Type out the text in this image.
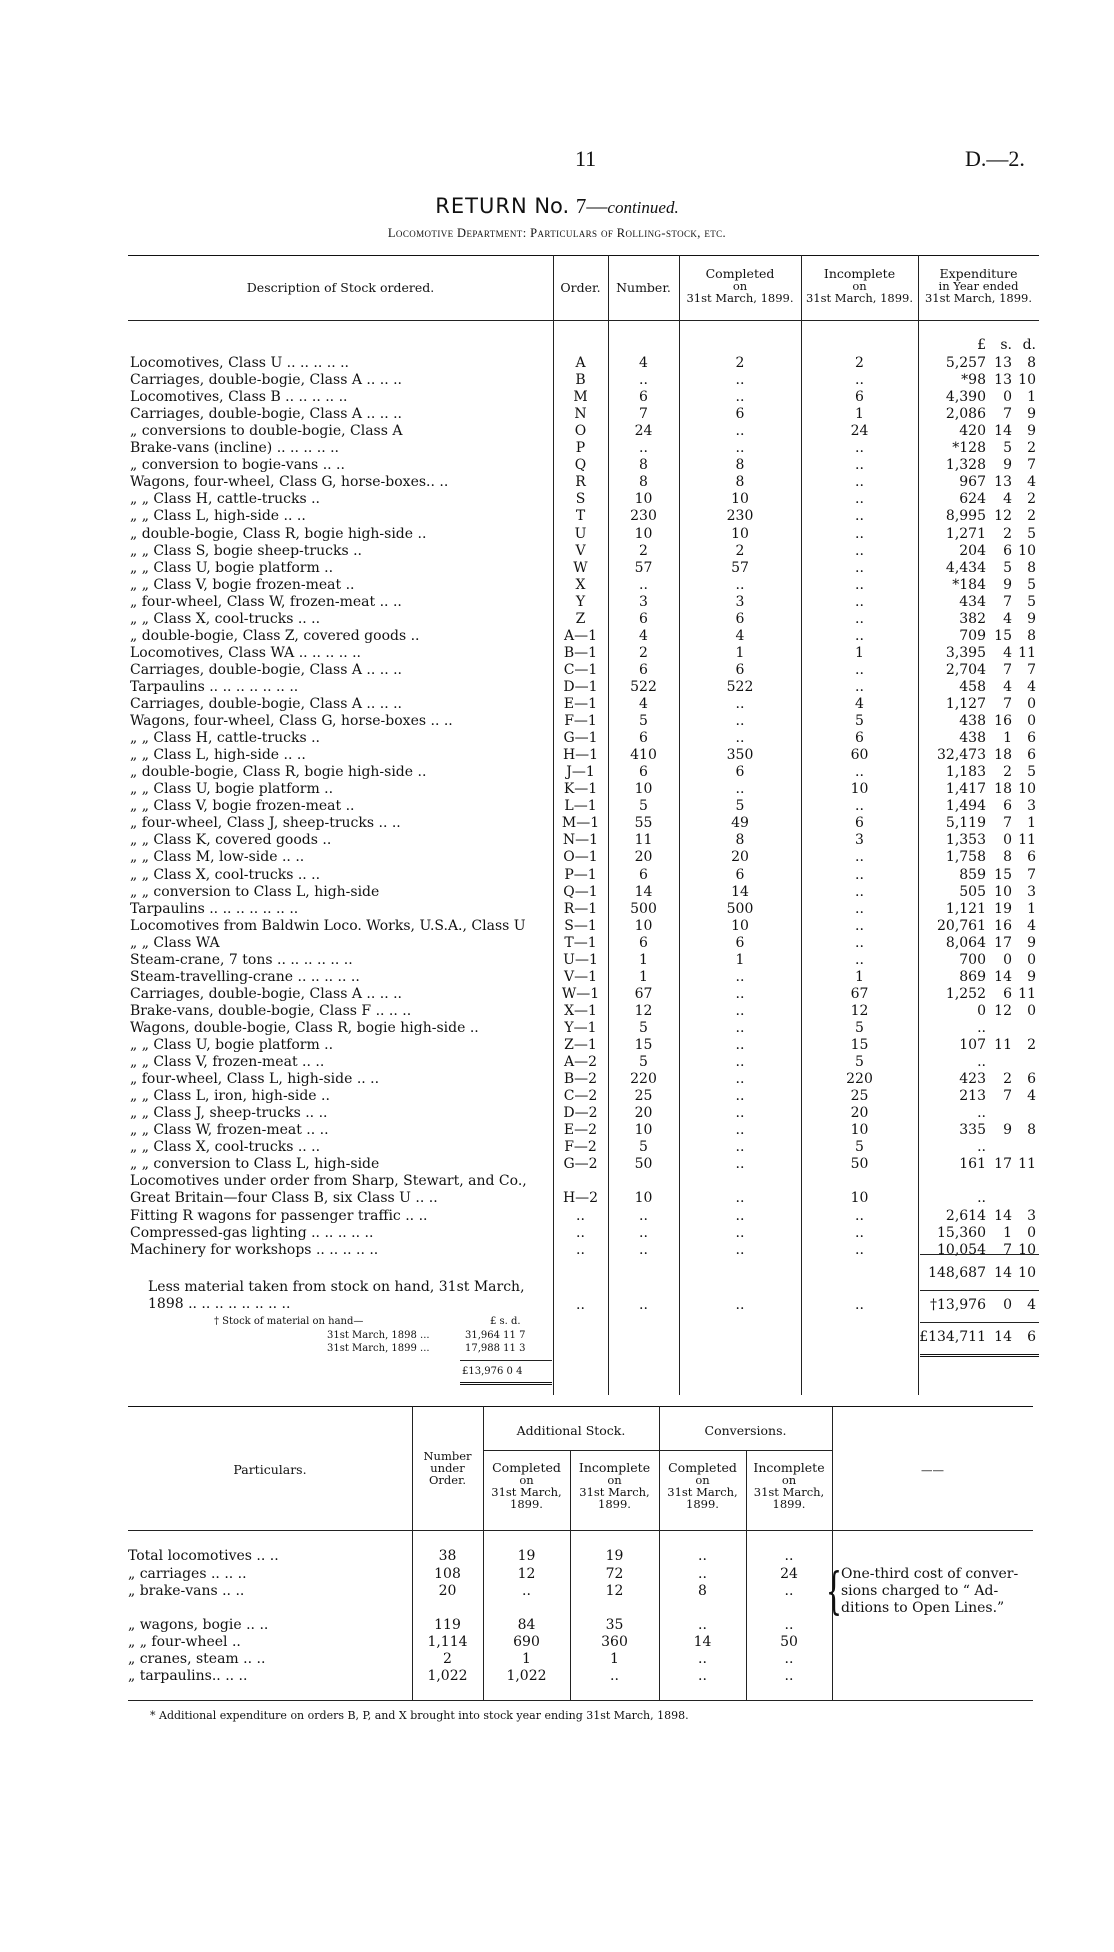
11	D.—2.
RETURN No. 7—continued.
Locomotive Department: Particulars of Rolling-stock, etc.
Description of Stock ordered.	Order.	Number.
Completed
on
31st March, 1899.
Incomplete
on
31st March, 1899.
Expenditure
in Year ended
31st March, 1899.
£	s. d.
Locomotives, Class U .. .. .. .. ..	A	4	2	2	5,257 13	8
Carriages, double-bogie, Class A .. .. ..	B	..	..	..	*98 13 10
Locomotives, Class B .. .. .. .. ..	M	6	..	6	4,390	0	1
Carriages, double-bogie, Class A .. .. ..	N	7	6	1	2,086	7	9
„ conversions to double-bogie, Class A	O	24	..	24	420 14	9
Brake-vans (incline) .. .. .. .. ..	P	..	..	..	*128	5	2
„ conversion to bogie-vans .. ..	Q	8	8	..	1,328	9	7
Wagons, four-wheel, Class G, horse-boxes.. ..	R	8	8	..	967 13	4
„ „ Class H, cattle-trucks ..	S	10	10	..	624	4	2
„ „ Class L, high-side .. ..	T	230	230	..	8,995 12	2
„ double-bogie, Class R, bogie high-side ..	U	10	10	..	1,271	2	5
„ „ Class S, bogie sheep-trucks ..	V	2	2	..	204	6 10
„ „ Class U, bogie platform ..	W	57	57	..	4,434	5	8
„ „ Class V, bogie frozen-meat ..	X	..	..	..	*184	9	5
„ four-wheel, Class W, frozen-meat .. ..	Y	3	3	..	434	7	5
„ „ Class X, cool-trucks .. ..	Z	6	6	..	382	4	9
„ double-bogie, Class Z, covered goods ..	A—1	4	4	..	709 15	8
Locomotives, Class WA .. .. .. .. ..	B—1	2	1	1	3,395	4 11
Carriages, double-bogie, Class A .. .. ..	C—1	6	6	..	2,704	7	7
Tarpaulins .. .. .. .. .. .. ..	D—1	522	522	..	458	4	4
Carriages, double-bogie, Class A .. .. ..	E—1	4	..	4	1,127	7	0
Wagons, four-wheel, Class G, horse-boxes .. ..	F—1	5	..	5	438 16	0
„ „ Class H, cattle-trucks ..	G—1	6	..	6	438	1	6
„ „ Class L, high-side .. ..	H—1	410	350	60	32,473 18	6
„ double-bogie, Class R, bogie high-side ..	J—1	6	6	..	1,183	2	5
„ „ Class U, bogie platform ..	K—1	10	..	10	1,417 18 10
„ „ Class V, bogie frozen-meat ..	L—1	5	5	..	1,494	6	3
„ four-wheel, Class J, sheep-trucks .. ..	M—1	55	49	6	5,119	7	1
„ „ Class K, covered goods ..	N—1	11	8	3	1,353	0 11
„ „ Class M, low-side .. ..	O—1	20	20	..	1,758	8	6
„ „ Class X, cool-trucks .. ..	P—1	6	6	..	859 15	7
„ „ conversion to Class L, high-side	Q—1	14	14	..	505 10	3
Tarpaulins .. .. .. .. .. .. ..	R—1	500	500	..	1,121 19	1
Locomotives from Baldwin Loco. Works, U.S.A., Class U	S—1	10	10	..	20,761 16	4
„ „ Class WA	T—1	6	6	..	8,064 17	9
Steam-crane, 7 tons .. .. .. .. .. ..	U—1	1	1	..	700	0	0
Steam-travelling-crane .. .. .. .. ..	V—1	1	..	1	869 14	9
Carriages, double-bogie, Class A .. .. ..	W—1	67	..	67	1,252	6 11
Brake-vans, double-bogie, Class F .. .. ..	X—1	12	..	12	0 12	0
Wagons, double-bogie, Class R, bogie high-side ..	Y—1	5	..	5	..
„ „ Class U, bogie platform ..	Z—1	15	..	15	107 11	2
„ „ Class V, frozen-meat .. ..	A—2	5	..	5	..
„ four-wheel, Class L, high-side .. ..	B—2	220	..	220	423	2	6
„ „ Class L, iron, high-side ..	C—2	25	..	25	213	7	4
„ „ Class J, sheep-trucks .. ..	D—2	20	..	20	..
„ „ Class W, frozen-meat .. ..	E—2	10	..	10	335	9	8
„ „ Class X, cool-trucks .. ..	F—2	5	..	5	..
„ „ conversion to Class L, high-side	G—2	50	..	50	161 17 11
Locomotives under order from Sharp, Stewart, and Co.,
Great Britain—four Class B, six Class U .. ..	H—2	10	..	10	..
Fitting R wagons for passenger traffic .. ..	..	..	..	..	2,614 14	3
Compressed-gas lighting .. .. .. .. ..	..	..	..	..	15,360	1	0
Machinery for workshops .. .. .. .. ..	..	..	..	..	10,054	7 10
148,687 14 10
Less material taken from stock on hand, 31st March,
1898 .. .. .. .. .. .. .. ..	..	..	..	..	†13,976	0	4
£134,711 14	6
† Stock of material on hand—	£ s. d.
31st March, 1898 ...	31,964 11 7
31st March, 1899 ...	17,988 11 3
£13,976 0 4
Particulars.
Number
under
Order.
Additional Stock.	Conversions.
Completed
on
31st March,
1899.
Incomplete
on
31st March,
1899.
Completed
on
31st March,
1899.
Incomplete
on
31st March,
1899.
——
Total locomotives .. ..	38	19	19	..	..
„ carriages .. .. ..	108	12	72	..	24
„ brake-vans .. ..	20	..	12	8	..
„ wagons, bogie .. ..	119	84	35	..	..
„ „ four-wheel ..	1,114	690	360	14	50
„ cranes, steam .. ..	2	1	1	..	..
„ tarpaulins.. .. ..	1,022	1,022	..	..	..
{ One-third cost of conver-
sions charged to “ Ad-
ditions to Open Lines.”
* Additional expenditure on orders B, P, and X brought into stock year ending 31st March, 1898.
